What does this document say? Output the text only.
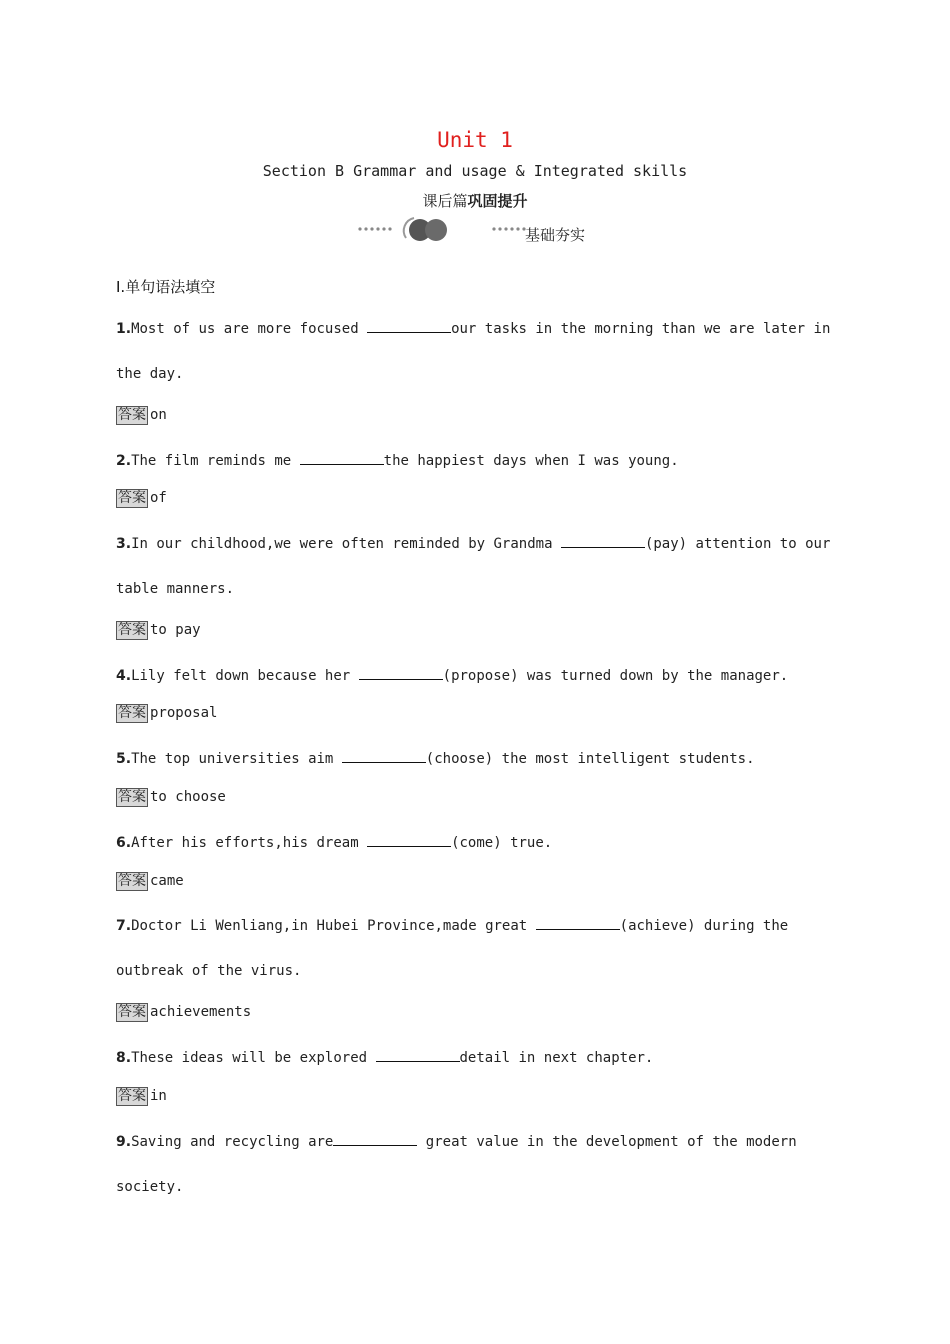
Unit 1
Section B Grammar and usage & Integrated skills
课后篇巩固提升
基础夯实
Ⅰ.单句语法填空
1.Most of us are more focused	our tasks in the morning than we are later in
the day.
答案 on
2.The film reminds me	the happiest days when I was young.
答案 of
3.In our childhood,we were often reminded by Grandma	(pay) attention to our
table manners.
答案 to pay
4.Lily felt down because her	(propose) was turned down by the manager.
答案 proposal
5.The top universities aim	(choose) the most intelligent students.
答案 to choose
6.After his efforts,his dream	(come) true.
答案 came
7.Doctor Li Wenliang,in Hubei Province,made great	(achieve) during the
outbreak of the virus.
答案 achievements
8.These ideas will be explored	detail in next chapter.
答案 in
9.Saving and recycling are	great value in the development of the modern
society.
